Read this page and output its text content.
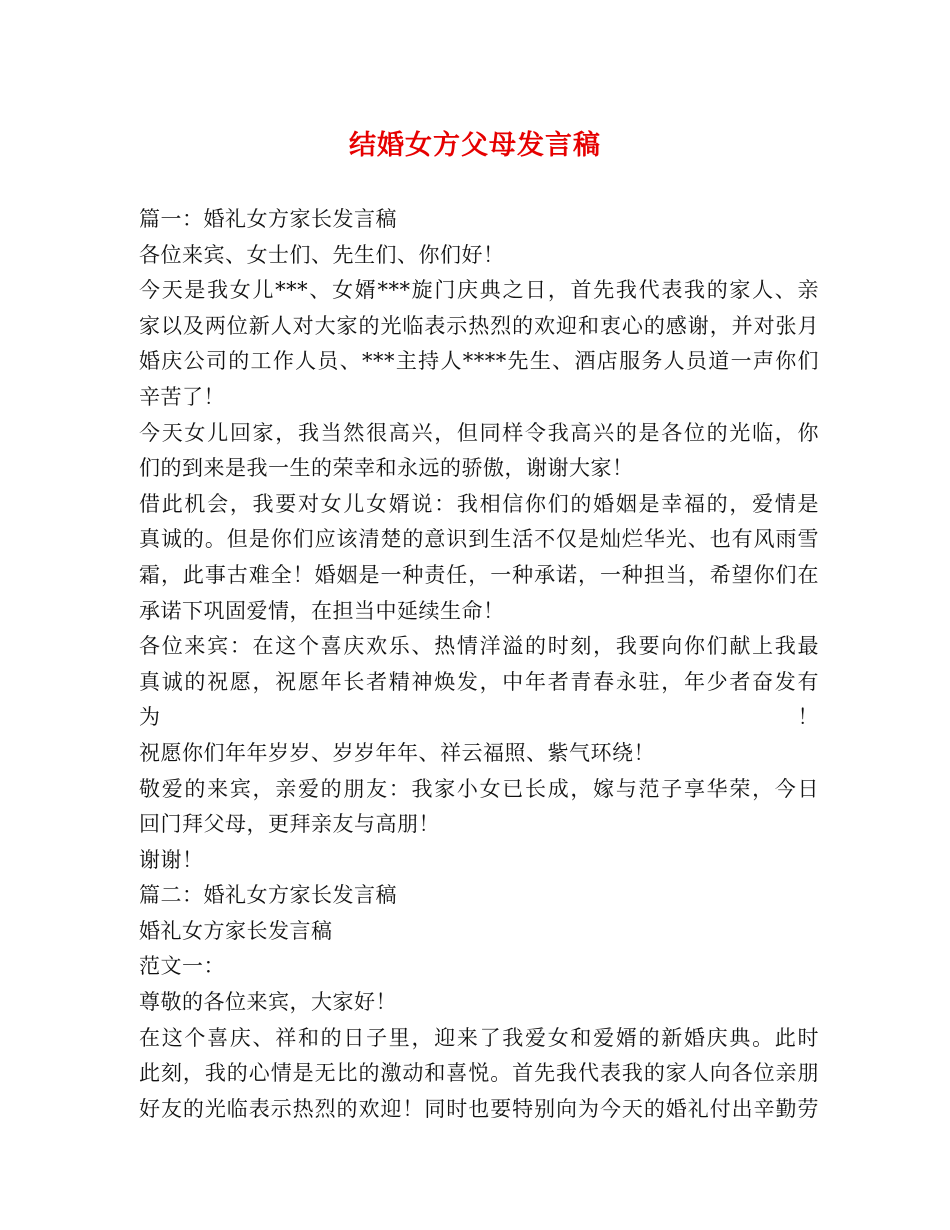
结婚女方父母发言稿
篇一：婚礼女方家长发言稿
各位来宾、女士们、先生们、你们好！
今天是我女儿***、女婿***旋门庆典之日，首先我代表我的家人、亲
家以及两位新人对大家的光临表示热烈的欢迎和衷心的感谢，并对张月
婚庆公司的工作人员、***主持人****先生、酒店服务人员道一声你们
辛苦了！
今天女儿回家，我当然很高兴，但同样令我高兴的是各位的光临，你
们的到来是我一生的荣幸和永远的骄傲，谢谢大家！
借此机会，我要对女儿女婿说：我相信你们的婚姻是幸福的，爱情是
真诚的。但是你们应该清楚的意识到生活不仅是灿烂华光、也有风雨雪
霜，此事古难全！婚姻是一种责任，一种承诺，一种担当，希望你们在
承诺下巩固爱情，在担当中延续生命！
各位来宾：在这个喜庆欢乐、热情洋溢的时刻，我要向你们献上我最
真诚的祝愿，祝愿年长者精神焕发，中年者青春永驻，年少者奋发有为！
祝愿你们年年岁岁、岁岁年年、祥云福照、紫气环绕！
敬爱的来宾，亲爱的朋友：我家小女已长成，嫁与范子享华荣，今日
回门拜父母，更拜亲友与高朋！
谢谢！
篇二：婚礼女方家长发言稿
婚礼女方家长发言稿
范文一：
尊敬的各位来宾，大家好！
在这个喜庆、祥和的日子里，迎来了我爱女和爱婿的新婚庆典。此时
此刻，我的心情是无比的激动和喜悦。首先我代表我的家人向各位亲朋
好友的光临表示热烈的欢迎！同时也要特别向为今天的婚礼付出辛勤劳
